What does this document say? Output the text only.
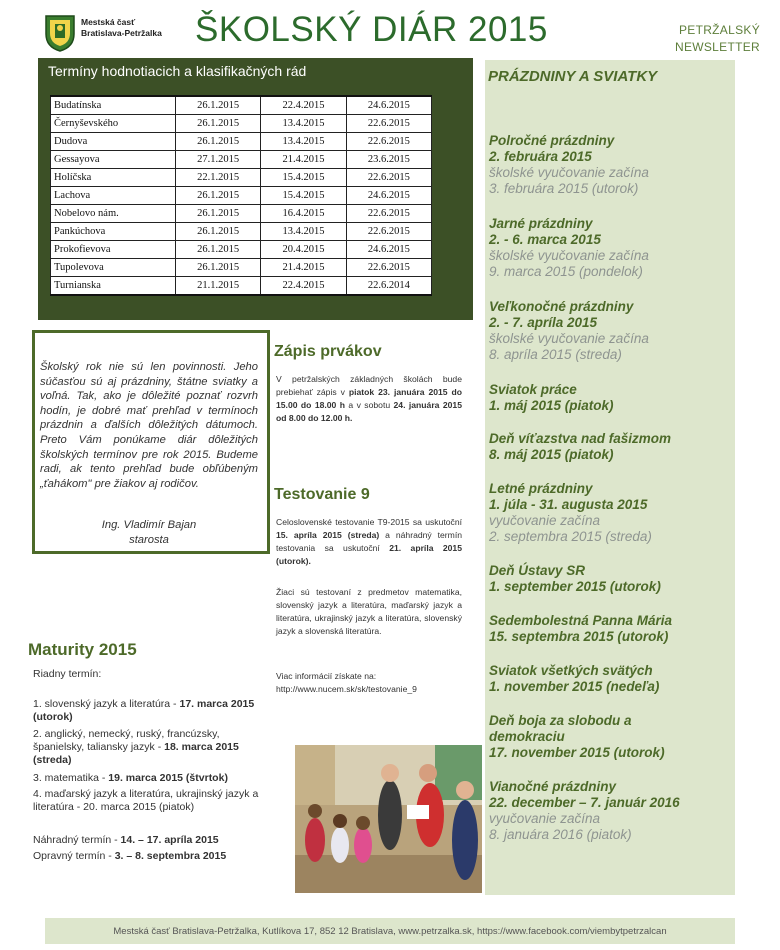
Mestská časť
Bratislava-Petržalka ŠKOLSKÝ DIÁR 2015	PETRŽALSKÝ
NEWSLETTER
Termíny hodnotiacich a klasifikačných rád
Budatínska	26.1.2015	22.4.2015	24.6.2015
Černyševského	26.1.2015	13.4.2015	22.6.2015
Dudova	26.1.2015	13.4.2015	22.6.2015
Gessayova	27.1.2015	21.4.2015	23.6.2015
Holíčska	22.1.2015	15.4.2015	22.6.2015
Lachova	26.1.2015	15.4.2015	24.6.2015
Nobelovo nám.	26.1.2015	16.4.2015	22.6.2015
Pankúchova	26.1.2015	13.4.2015	22.6.2015
Prokofievova	26.1.2015	20.4.2015	24.6.2015
Tupolevova	26.1.2015	21.4.2015	22.6.2015
Turnianska	21.1.2015	22.4.2015	22.6.2014
PRÁZDNINY A SVIATKY
Polročné prázdniny
2. februára 2015
školské vyučovanie začína
3. februára 2015 (utorok)
Jarné prázdniny
2. - 6. marca 2015
školské vyučovanie začína
9. marca 2015 (pondelok)
Veľkonočné prázdniny
2. - 7. apríla 2015
školské vyučovanie začína
8. apríla 2015 (streda)
Sviatok práce
1. máj 2015 (piatok)
Deň víťazstva nad fašizmom
8. máj 2015 (piatok)
Letné prázdniny
1. júla - 31. augusta 2015
vyučovanie začína
2. septembra 2015 (streda)
Deň Ústavy SR
1. september 2015 (utorok)
Sedembolestná Panna Mária
15. septembra 2015 (utorok)
Sviatok všetkých svätých
1. november 2015 (nedeľa)
Deň boja za slobodu a
demokraciu
17. november 2015 (utorok)
Vianočné prázdniny
22. december – 7. január 2016
vyučovanie začína
8. januára 2016 (piatok)
Školský rok nie sú len povinnosti. Jeho súčasťou sú aj prázdniny, štátne sviatky a voľná. Tak, ako je dôležité poznať rozvrh hodín, je dobré mať prehľad v termínoch prázdnin a ďalších dôležitých dátumoch. Preto Vám ponúkame diár dôležitých školských termínov pre rok 2015. Budeme radi, ak tento prehľad bude obľúbeným „ťahákom" pre žiakov aj rodičov.
Ing. Vladimír Bajan
starosta
Zápis prvákov
V petržalských základných školách bude prebiehať zápis v piatok 23. januára 2015 do 15.00 do 18.00 h a v sobotu 24. januára 2015 od 8.00 do 12.00 h.
Testovanie 9
Celoslovenské testovanie T9-2015 sa uskutoční 15. apríla 2015 (streda) a náhradný termín testovania sa uskutoční 21. apríla 2015 (utorok).
Žiaci sú testovaní z predmetov matematika, slovenský jazyk a literatúra, maďarský jazyk a literatúra, ukrajinský jazyk a literatúra, slovenský jazyk a slovenská literatúra.
Viac informácií získate na:
http://www.nucem.sk/sk/testovanie_9
Maturity 2015
Riadny termín:
1. slovenský jazyk a literatúra - 17. marca 2015 (utorok)
2. anglický, nemecký, ruský, francúzsky, španielsky, taliansky jazyk - 18. marca 2015 (streda)
3. matematika - 19. marca 2015 (štvrtok)
4. maďarský jazyk a literatúra, ukrajinský jazyk a literatúra - 20. marca 2015 (piatok)
Náhradný termín - 14. – 17. apríla 2015
Opravný termín - 3. – 8. septembra 2015
Mestská časť Bratislava-Petržalka, Kutlíkova 17, 852 12 Bratislava, www.petrzalka.sk, https://www.facebook.com/viembytpetrzalcan
